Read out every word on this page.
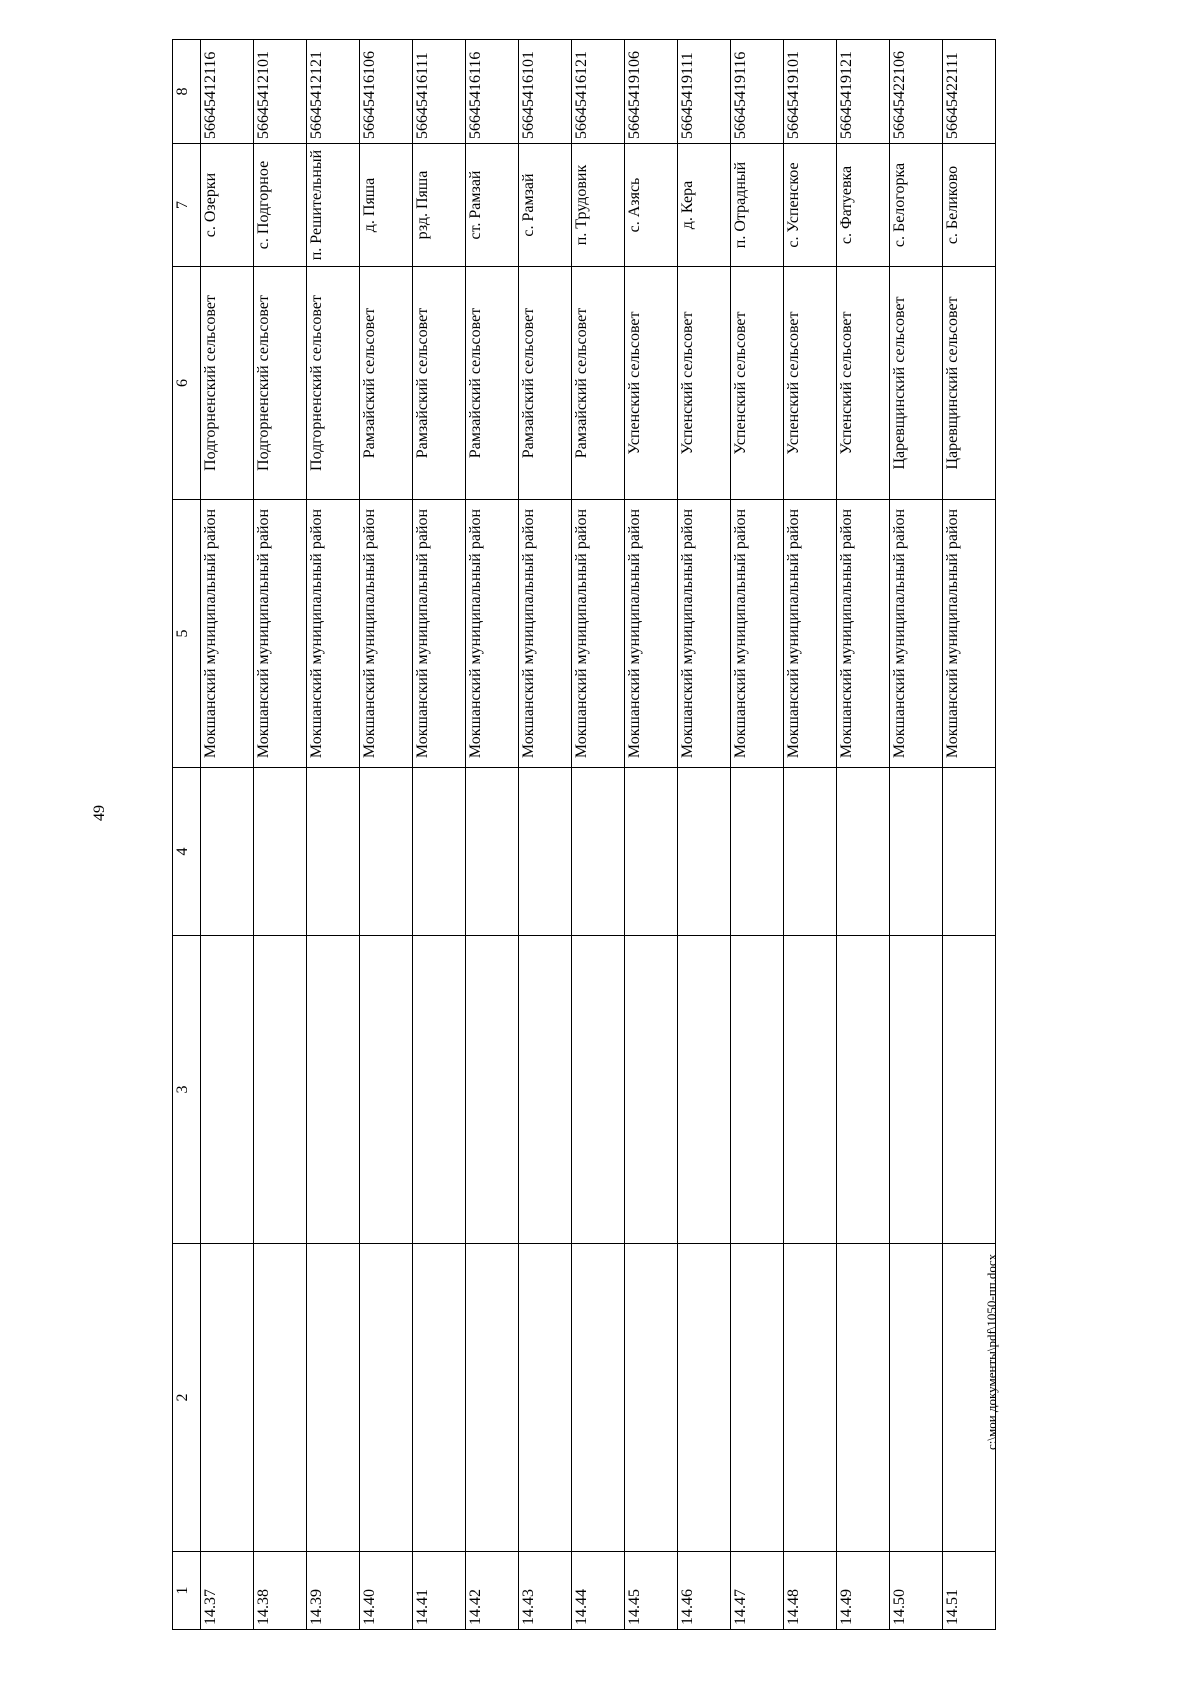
49
1	2	3	4	5	6	7	8
14.37				Мокшанский муниципальный район	Подгорненский сельсовет	с. Озерки	56645412116
14.38				Мокшанский муниципальный район	Подгорненский сельсовет	с. Подгорное	56645412101
14.39				Мокшанский муниципальный район	Подгорненский сельсовет	п. Решительный	56645412121
14.40				Мокшанский муниципальный район	Рамзайский сельсовет	д. Пяша	56645416106
14.41				Мокшанский муниципальный район	Рамзайский сельсовет	рзд. Пяша	56645416111
14.42				Мокшанский муниципальный район	Рамзайский сельсовет	ст. Рамзай	56645416116
14.43				Мокшанский муниципальный район	Рамзайский сельсовет	с. Рамзай	56645416101
14.44				Мокшанский муниципальный район	Рамзайский сельсовет	п. Трудовик	56645416121
14.45				Мокшанский муниципальный район	Успенский сельсовет	с. Азясь	56645419106
14.46				Мокшанский муниципальный район	Успенский сельсовет	д. Кера	56645419111
14.47				Мокшанский муниципальный район	Успенский сельсовет	п. Отрадный	56645419116
14.48				Мокшанский муниципальный район	Успенский сельсовет	с. Успенское	56645419101
14.49				Мокшанский муниципальный район	Успенский сельсовет	с. Фатуевка	56645419121
14.50				Мокшанский муниципальный район	Царевщинский сельсовет	с. Белогорка	56645422106
14.51				Мокшанский муниципальный район	Царевщинский сельсовет	с. Беликово	56645422111
c:\мои документы\pdf\1050-пп.docx
